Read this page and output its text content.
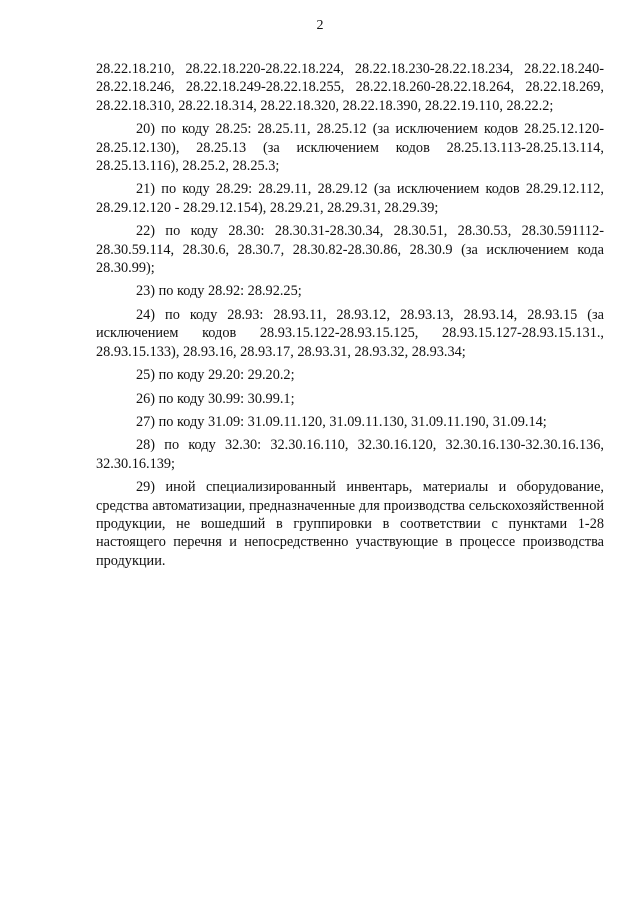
2

28.22.18.210, 28.22.18.220-28.22.18.224, 28.22.18.230-28.22.18.234, 28.22.18.240-28.22.18.246, 28.22.18.249-28.22.18.255, 28.22.18.260-28.22.18.264, 28.22.18.269, 28.22.18.310, 28.22.18.314, 28.22.18.320, 28.22.18.390, 28.22.19.110, 28.22.2;

20) по коду 28.25: 28.25.11, 28.25.12 (за исключением кодов 28.25.12.120-28.25.12.130), 28.25.13 (за исключением кодов 28.25.13.113-28.25.13.114, 28.25.13.116), 28.25.2, 28.25.3;

21) по коду 28.29: 28.29.11, 28.29.12 (за исключением кодов 28.29.12.112, 28.29.12.120 - 28.29.12.154), 28.29.21, 28.29.31, 28.29.39;

22) по коду 28.30: 28.30.31-28.30.34, 28.30.51, 28.30.53, 28.30.591112-28.30.59.114, 28.30.6, 28.30.7, 28.30.82-28.30.86, 28.30.9 (за исключением кода 28.30.99);

23) по коду 28.92: 28.92.25;

24) по коду 28.93: 28.93.11, 28.93.12, 28.93.13, 28.93.14, 28.93.15 (за исключением кодов 28.93.15.122-28.93.15.125, 28.93.15.127-28.93.15.131., 28.93.15.133), 28.93.16, 28.93.17, 28.93.31, 28.93.32, 28.93.34;

25) по коду 29.20: 29.20.2;

26) по коду 30.99: 30.99.1;

27) по коду 31.09: 31.09.11.120, 31.09.11.130, 31.09.11.190, 31.09.14;

28) по коду 32.30: 32.30.16.110, 32.30.16.120, 32.30.16.130-32.30.16.136, 32.30.16.139;

29) иной специализированный инвентарь, материалы и оборудование, средства автоматизации, предназначенные для производства сельскохозяйственной продукции, не вошедший в группировки в соответствии с пунктами 1-28 настоящего перечня и непосредственно участвующие в процессе производства продукции.
